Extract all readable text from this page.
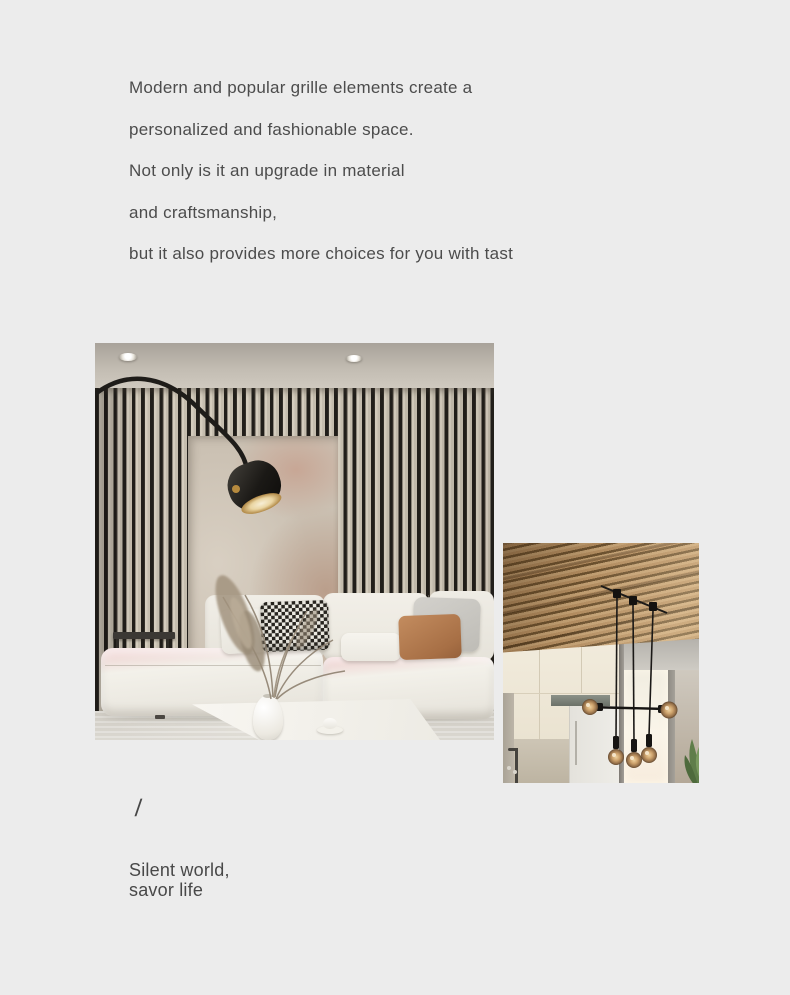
Modern and popular grille elements create a
personalized and fashionable space.
Not only is it an upgrade in material
and craftsmanship,
but it also provides more choices for you with tast
/
Silent world,
savor life
